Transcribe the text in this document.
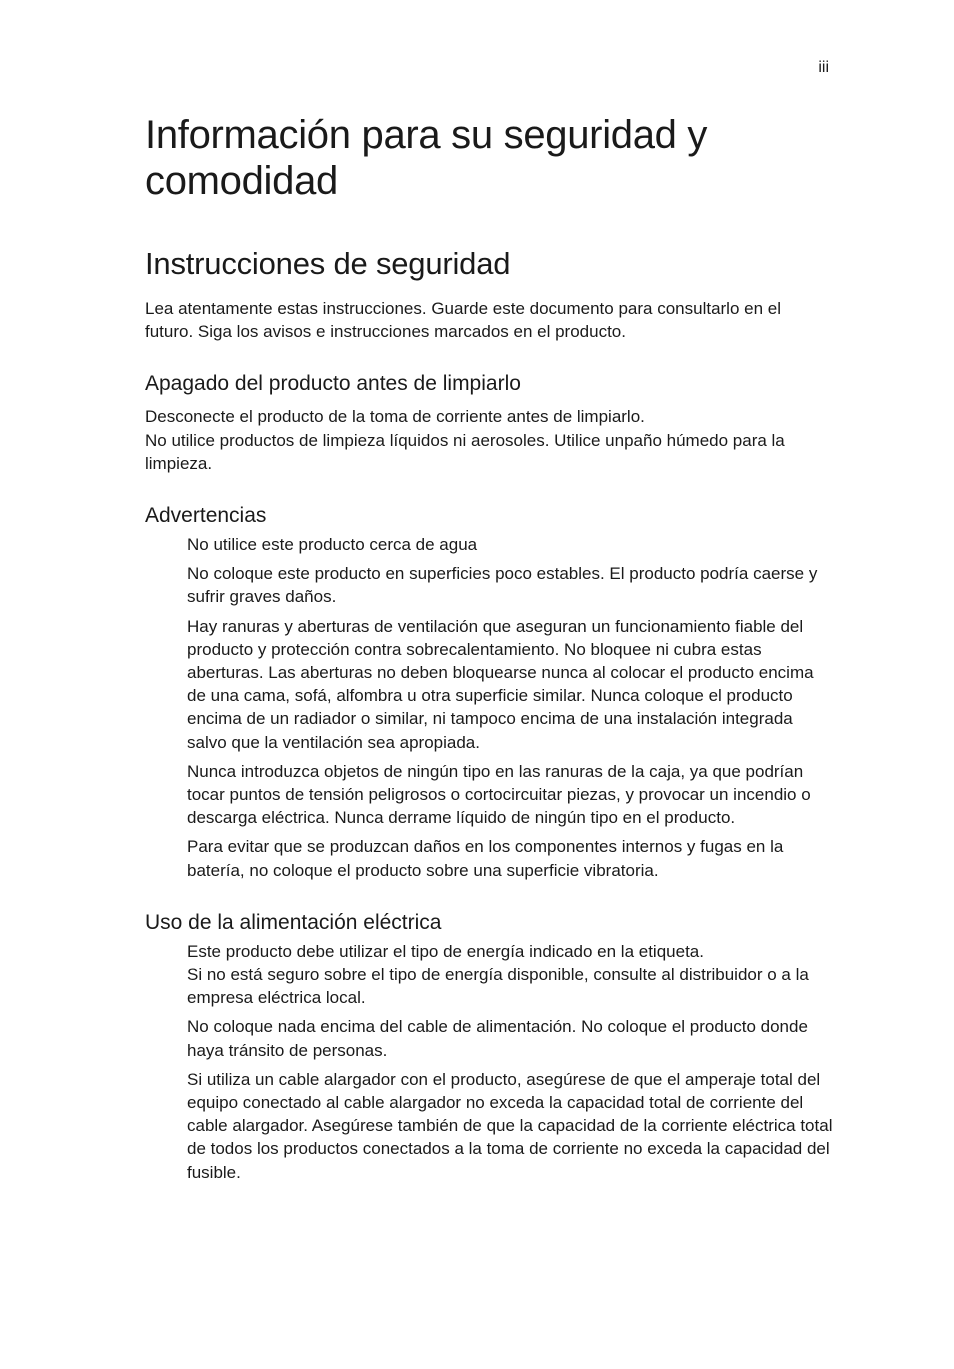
iii
Información para su seguridad y comodidad
Instrucciones de seguridad

Lea atentamente estas instrucciones. Guarde este documento para consultarlo en el futuro. Siga los avisos e instrucciones marcados en el producto.

Apagado del producto antes de limpiarlo

Desconecte el producto de la toma de corriente antes de limpiarlo.
No utilice productos de limpieza líquidos ni aerosoles. Utilice unpaño húmedo para la limpieza.

Advertencias
No utilice este producto cerca de agua
No coloque este producto en superficies poco estables. El producto podría caerse y sufrir graves daños.
Hay ranuras y aberturas de ventilación que aseguran un funcionamiento fiable del producto y protección contra sobrecalentamiento. No bloquee ni cubra estas aberturas. Las aberturas no deben bloquearse nunca al colocar el producto encima de una cama, sofá, alfombra u otra superficie similar. Nunca coloque el producto encima de un radiador o similar, ni tampoco encima de una instalación integrada salvo que la ventilación sea apropiada.
Nunca introduzca objetos de ningún tipo en las ranuras de la caja, ya que podrían tocar puntos de tensión peligrosos o cortocircuitar piezas, y provocar un incendio o descarga eléctrica. Nunca derrame líquido de ningún tipo en el producto.
Para evitar que se produzcan daños en los componentes internos y fugas en la batería, no coloque el producto sobre una superficie vibratoria.
Uso de la alimentación eléctrica
Este producto debe utilizar el tipo de energía indicado en la etiqueta.
Si no está seguro sobre el tipo de energía disponible, consulte al distribuidor o a la empresa eléctrica local.
No coloque nada encima del cable de alimentación. No coloque el producto donde haya tránsito de personas.
Si utiliza un cable alargador con el producto, asegúrese de que el amperaje total del equipo conectado al cable alargador no exceda la capacidad total de corriente del cable alargador. Asegúrese también de que la capacidad de la corriente eléctrica total de todos los productos conectados a la toma de corriente no exceda la capacidad del fusible.
